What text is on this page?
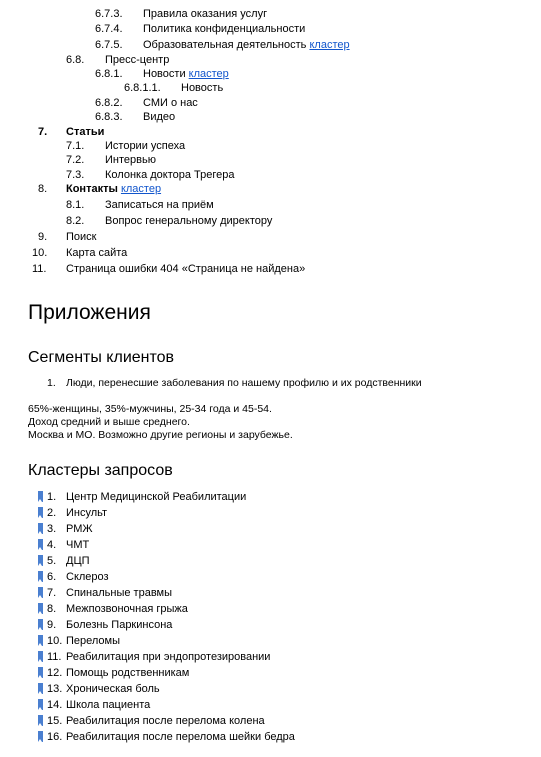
6.7.3. Правила оказания услуг
6.7.4. Политика конфиденциальности
6.7.5. Образовательная деятельность кластер
6.8. Пресс-центр
6.8.1. Новости кластер
6.8.1.1. Новость
6.8.2. СМИ о нас
6.8.3. Видео
7. Статьи
7.1. Истории успеха
7.2. Интервью
7.3. Колонка доктора Трегера
8. Контакты кластер
8.1. Записаться на приём
8.2. Вопрос генеральному директору
9. Поиск
10. Карта сайта
11. Страница ошибки 404 «Страница не найдена»
Приложения
Сегменты клиентов
1. Люди, перенесшие заболевания по нашему профилю и их родственники
65%-женщины, 35%-мужчины, 25-34 года и 45-54.
Доход средний и выше среднего.
Москва и МО. Возможно другие регионы и зарубежье.
Кластеры запросов
1. Центр Медицинской Реабилитации
2. Инсульт
3. РМЖ
4. ЧМТ
5. ДЦП
6. Склероз
7. Спинальные травмы
8. Межпозвоночная грыжа
9. Болезнь Паркинсона
10. Переломы
11. Реабилитация при эндопротезировании
12. Помощь родственникам
13. Хроническая боль
14. Школа пациента
15. Реабилитация после перелома колена
16. Реабилитация после перелома шейки бедра
